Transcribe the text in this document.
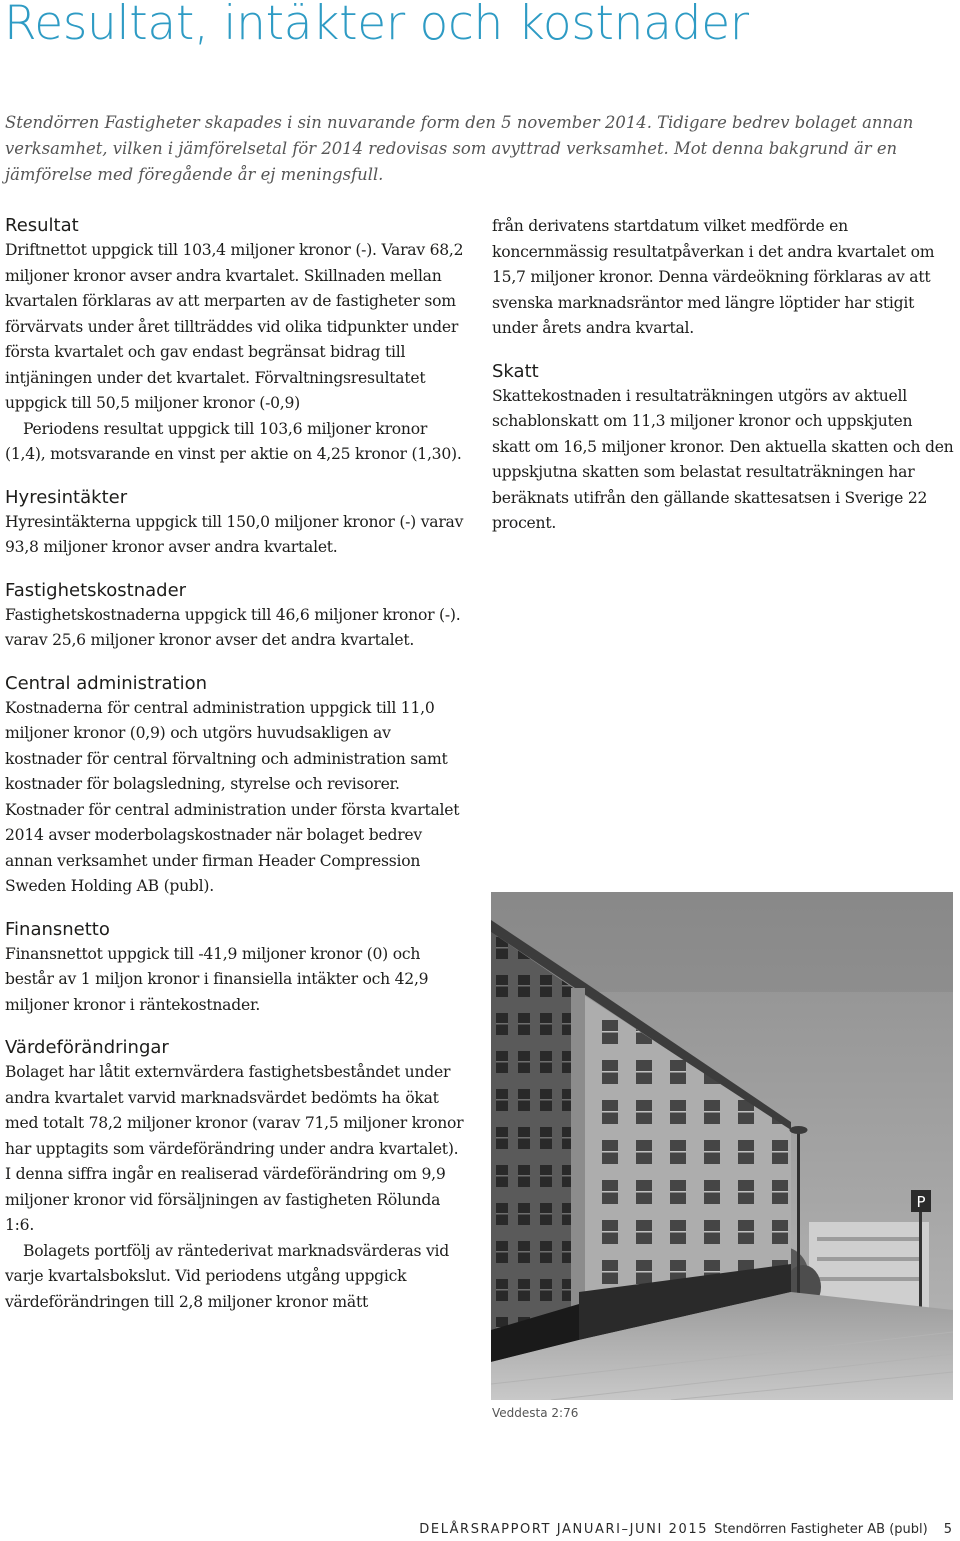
Resultat, intäkter och kostnader

Stendörren Fastigheter skapades i sin nuvarande form den 5 november 2014. Tidigare bedrev bolaget annan verksamhet, vilken i jämförelsetal för 2014 redovisas som avyttrad verksamhet. Mot denna bakgrund är en jämförelse med föregående år ej meningsfull.

Resultat

Driftnettot uppgick till 103,4 miljoner kronor (-). Varav 68,2 miljoner kronor avser andra kvartalet. Skillnaden mellan kvartalen förklaras av att merparten av de fastigheter som förvärvats under året tillträddes vid olika tidpunkter under första kvartalet och gav endast begränsat bidrag till intjäningen under det kvartalet. Förvaltningsresultatet uppgick till 50,5 miljoner kronor (-0,9)

Periodens resultat uppgick till 103,6 miljoner kronor (1,4), motsvarande en vinst per aktie on 4,25 kronor (1,30).

Hyresintäkter

Hyresintäkterna uppgick till 150,0 miljoner kronor (-) varav 93,8 miljoner kronor avser andra kvartalet.

Fastighetskostnader

Fastighetskostnaderna uppgick till 46,6 miljoner kronor (-). varav 25,6 miljoner kronor avser det andra kvartalet.

Central administration

Kostnaderna för central administration uppgick till 11,0 miljoner kronor (0,9) och utgörs huvudsakligen av kostnader för central förvaltning och administration samt kostnader för bolagsledning, styrelse och revisorer. Kostnader för central administration under första kvartalet 2014 avser moderbolagskostnader när bolaget bedrev annan verksamhet under firman Header Compression Sweden Holding AB (publ).

Finansnetto

Finansnettot uppgick till -41,9 miljoner kronor (0) och består av 1 miljon kronor i finansiella intäkter och 42,9 miljoner kronor i räntekostnader.

Värdeförändringar

Bolaget har låtit externvärdera fastighetsbeståndet under andra kvartalet varvid marknadsvärdet bedömts ha ökat med totalt 78,2 miljoner kronor (varav 71,5 miljoner kronor har upptagits som värdeförändring under andra kvartalet). I denna siffra ingår en realiserad värdeförändring om 9,9 miljoner kronor vid försäljningen av fastigheten Rölunda 1:6.

Bolagets portfölj av räntederivat marknadsvärderas vid varje kvartalsbokslut. Vid periodens utgång uppgick värdeförändringen till 2,8 miljoner kronor mätt

från derivatens startdatum vilket medförde en koncernmässig resultatpåverkan i det andra kvartalet om 15,7 miljoner kronor. Denna värdeökning förklaras av att svenska marknadsräntor med längre löptider har stigit under årets andra kvartal.

Skatt

Skattekostnaden i resultaträkningen utgörs av aktuell schablonskatt om 11,3 miljoner kronor och uppskjuten skatt om 16,5 miljoner kronor. Den aktuella skatten och den uppskjutna skatten som belastat resultaträkningen har beräknats utifrån den gällande skattesatsen i Sverige 22 procent.

P

Veddesta 2:76

DELÅRSRAPPORT JANUARI–JUNI 2015 Stendörren Fastigheter AB (publ) 5
